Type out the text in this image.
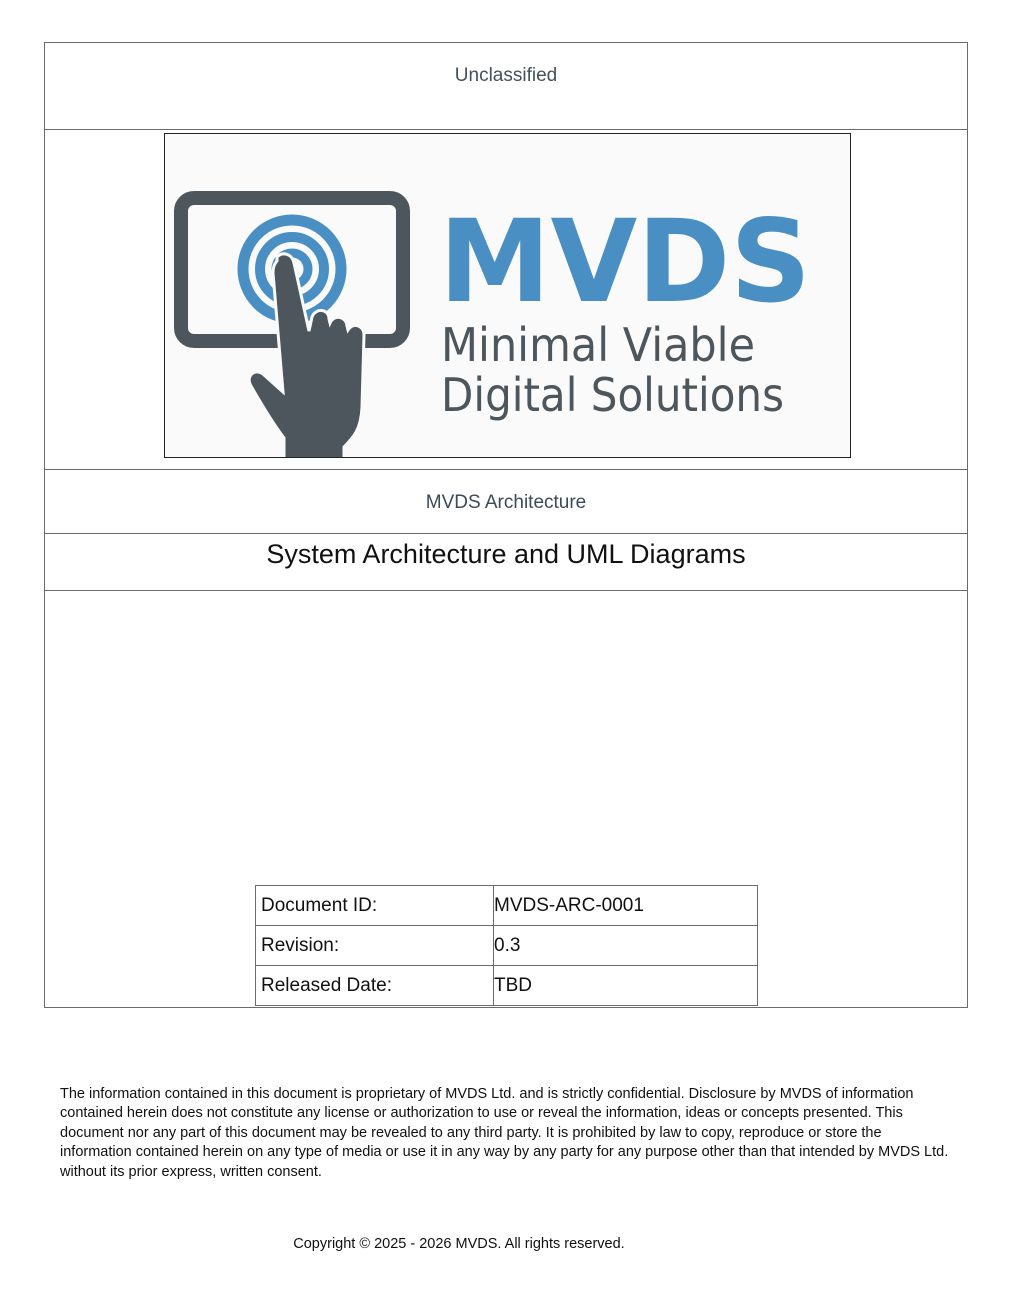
Unclassified
MVDS
Minimal Viable
Digital Solutions
MVDS Architecture
System Architecture and UML Diagrams
Document ID:	MVDS-ARC-0001
Revision:	0.3
Released Date:	TBD
The information contained in this document is proprietary of MVDS Ltd. and is strictly confidential. Disclosure by MVDS of information contained herein does not constitute any license or authorization to use or reveal the information, ideas or concepts presented. This document nor any part of this document may be revealed to any third party. It is prohibited by law to copy, reproduce or store the information contained herein on any type of media or use it in any way by any party for any purpose other than that intended by MVDS Ltd. without its prior express, written consent.
Copyright © 2025 - 2026 MVDS. All rights reserved.
